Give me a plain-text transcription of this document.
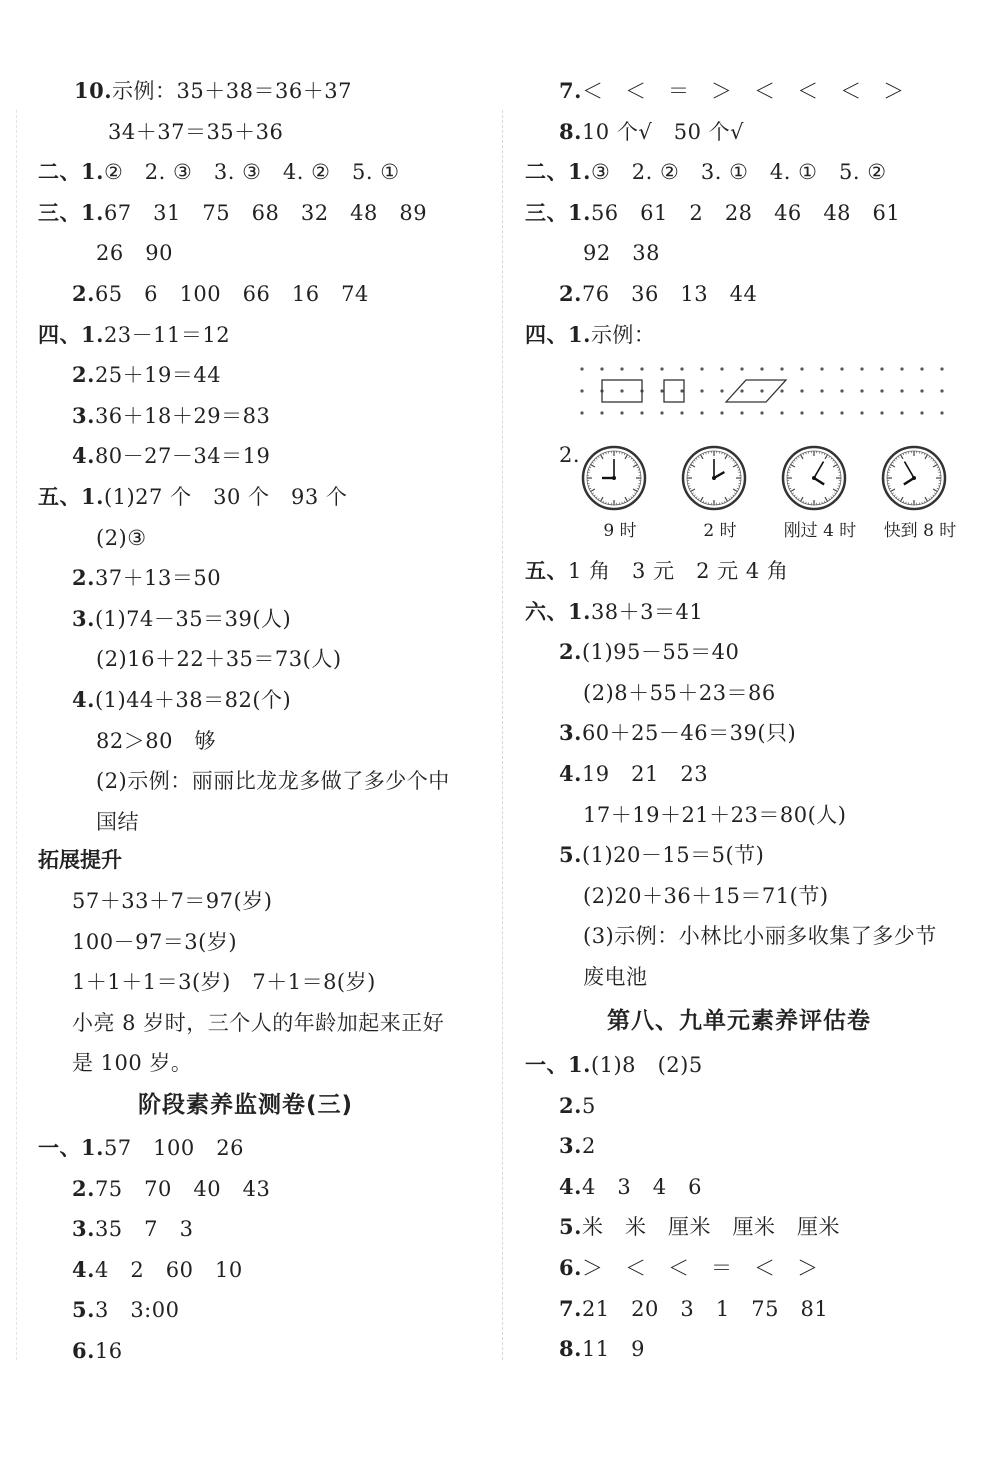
10.示例：35＋38＝36＋37
34＋37＝35＋36
二、1.②   2. ③   3. ③   4. ②   5. ①
三、1.67   31   75   68   32   48   89
26   90
2.65   6   100   66   16   74
四、1.23－11＝12
2.25＋19＝44
3.36＋18＋29＝83
4.80－27－34＝19
五、1.(1)27 个   30 个   93 个
(2)③
2.37＋13＝50
3.(1)74－35＝39(人)
(2)16＋22＋35＝73(人)
4.(1)44＋38＝82(个)
82＞80   够
(2)示例：丽丽比龙龙多做了多少个中
国结
拓展提升
57＋33＋7＝97(岁)
100－97＝3(岁)
1＋1＋1＝3(岁)   7＋1＝8(岁)
小亮 8 岁时，三个人的年龄加起来正好
是 100 岁。
阶段素养监测卷(三)
一、1.57   100   26
2.75   70   40   43
3.35   7   3
4.4   2   60   10
5.3   3:00
6.16
7.＜   ＜   ＝   ＞   ＜   ＜   ＜   ＞
8.10 个√   50 个√
二、1.③   2. ②   3. ①   4. ①   5. ②
三、1.56   61   2   28   46   48   61
92   38
2.76   36   13   44
四、1.示例：
2.
9 时	2 时	刚过 4 时	快到 8 时
五、1 角   3 元   2 元 4 角
六、1.38＋3＝41
2.(1)95－55＝40
(2)8＋55＋23＝86
3.60＋25－46＝39(只)
4.19   21   23
17＋19＋21＋23＝80(人)
5.(1)20－15＝5(节)
(2)20＋36＋15＝71(节)
(3)示例：小林比小丽多收集了多少节
废电池
第八、九单元素养评估卷
一、1.(1)8   (2)5
2.5
3.2
4.4   3   4   6
5.米   米   厘米   厘米   厘米
6.＞   ＜   ＜   ＝   ＜   ＞
7.21   20   3   1   75   81
8.11   9
